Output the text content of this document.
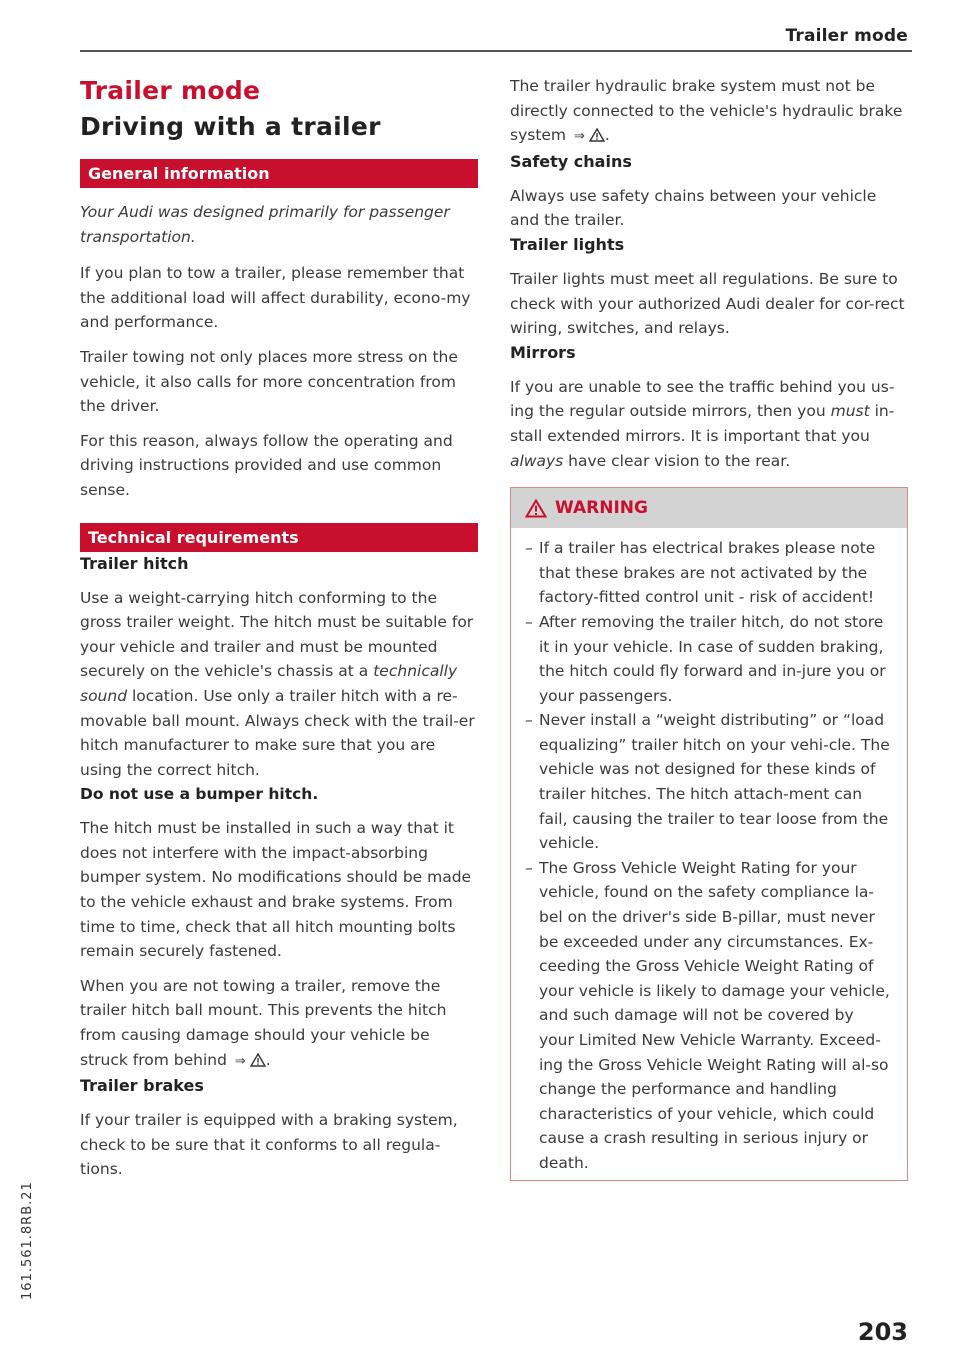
Trailer mode
161.561.8RB.21
Trailer mode
Driving with a trailer
General information

Your Audi was designed primarily for passenger transportation.

If you plan to tow a trailer, please remember that the additional load will affect durability, econo-my and performance.

Trailer towing not only places more stress on the vehicle, it also calls for more concentration from the driver.

For this reason, always follow the operating and driving instructions provided and use common sense.

Technical requirements
Trailer hitch

Use a weight-carrying hitch conforming to the gross trailer weight. The hitch must be suitable for your vehicle and trailer and must be mounted securely on the vehicle's chassis at a technically sound location. Use only a trailer hitch with a re-movable ball mount. Always check with the trail-er hitch manufacturer to make sure that you are using the correct hitch.

Do not use a bumper hitch.

The hitch must be installed in such a way that it does not interfere with the impact-absorbing bumper system. No modifications should be made to the vehicle exhaust and brake systems. From time to time, check that all hitch mounting bolts remain securely fastened.

When you are not towing a trailer, remove the trailer hitch ball mount. This prevents the hitch from causing damage should your vehicle be struck from behind ⇒ .

Trailer brakes

If your trailer is equipped with a braking system, check to be sure that it conforms to all regula-tions.

The trailer hydraulic brake system must not be directly connected to the vehicle's hydraulic brake system ⇒ .

Safety chains

Always use safety chains between your vehicle and the trailer.

Trailer lights

Trailer lights must meet all regulations. Be sure to check with your authorized Audi dealer for cor-rect wiring, switches, and relays.

Mirrors

If you are unable to see the traffic behind you us-ing the regular outside mirrors, then you must in-stall extended mirrors. It is important that you always have clear vision to the rear.

WARNING
– If a trailer has electrical brakes please note that these brakes are not activated by the factory-fitted control unit - risk of accident!
– After removing the trailer hitch, do not store it in your vehicle. In case of sudden braking, the hitch could fly forward and in-jure you or your passengers.
– Never install a “weight distributing” or “load equalizing” trailer hitch on your vehi-cle. The vehicle was not designed for these kinds of trailer hitches. The hitch attach-ment can fail, causing the trailer to tear loose from the vehicle.
– The Gross Vehicle Weight Rating for your vehicle, found on the safety compliance la-bel on the driver's side B-pillar, must never be exceeded under any circumstances. Ex-ceeding the Gross Vehicle Weight Rating of your vehicle is likely to damage your vehicle, and such damage will not be covered by your Limited New Vehicle Warranty. Exceed-ing the Gross Vehicle Weight Rating will al-so change the performance and handling characteristics of your vehicle, which could cause a crash resulting in serious injury or death.
203
